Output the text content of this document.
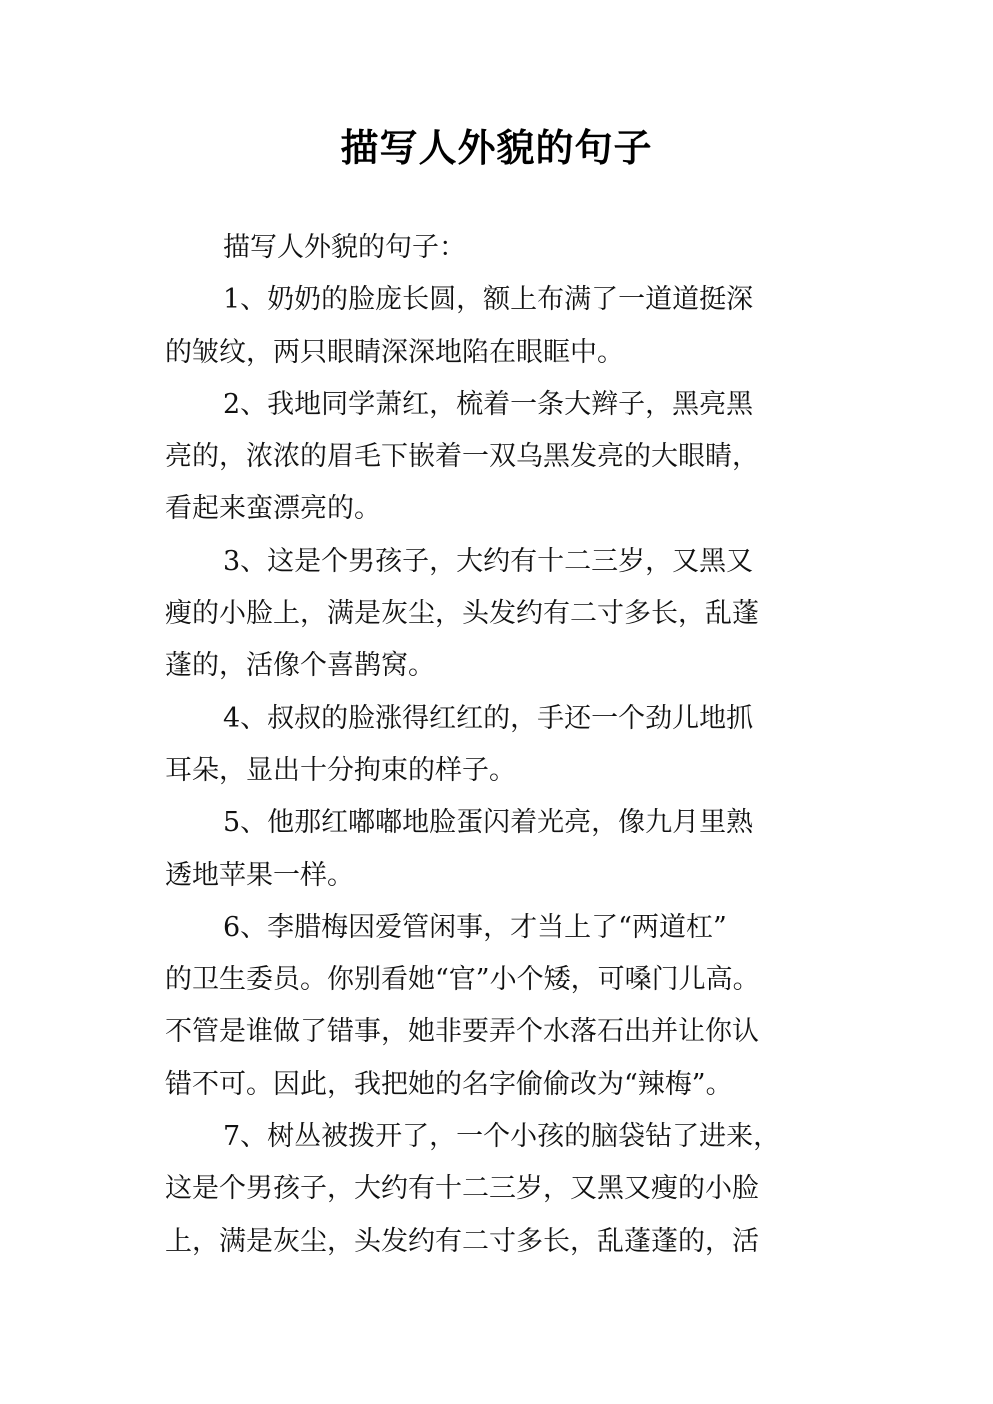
描写人外貌的句子
描写人外貌的句子：
1、奶奶的脸庞长圆，额上布满了一道道挺深
的皱纹，两只眼睛深深地陷在眼眶中。
2、我地同学萧红，梳着一条大辫子，黑亮黑
亮的，浓浓的眉毛下嵌着一双乌黑发亮的大眼睛，
看起来蛮漂亮的。
3、这是个男孩子，大约有十二三岁，又黑又
瘦的小脸上，满是灰尘，头发约有二寸多长，乱蓬
蓬的，活像个喜鹊窝。
4、叔叔的脸涨得红红的，手还一个劲儿地抓
耳朵，显出十分拘束的样子。
5、他那红嘟嘟地脸蛋闪着光亮，像九月里熟
透地苹果一样。
6、李腊梅因爱管闲事，才当上了“两道杠”
的卫生委员。你别看她“官”小个矮，可嗓门儿高。
不管是谁做了错事，她非要弄个水落石出并让你认
错不可。因此，我把她的名字偷偷改为“辣梅”。
7、树丛被拨开了，一个小孩的脑袋钻了进来，
这是个男孩子，大约有十二三岁，又黑又瘦的小脸
上，满是灰尘，头发约有二寸多长，乱蓬蓬的，活
